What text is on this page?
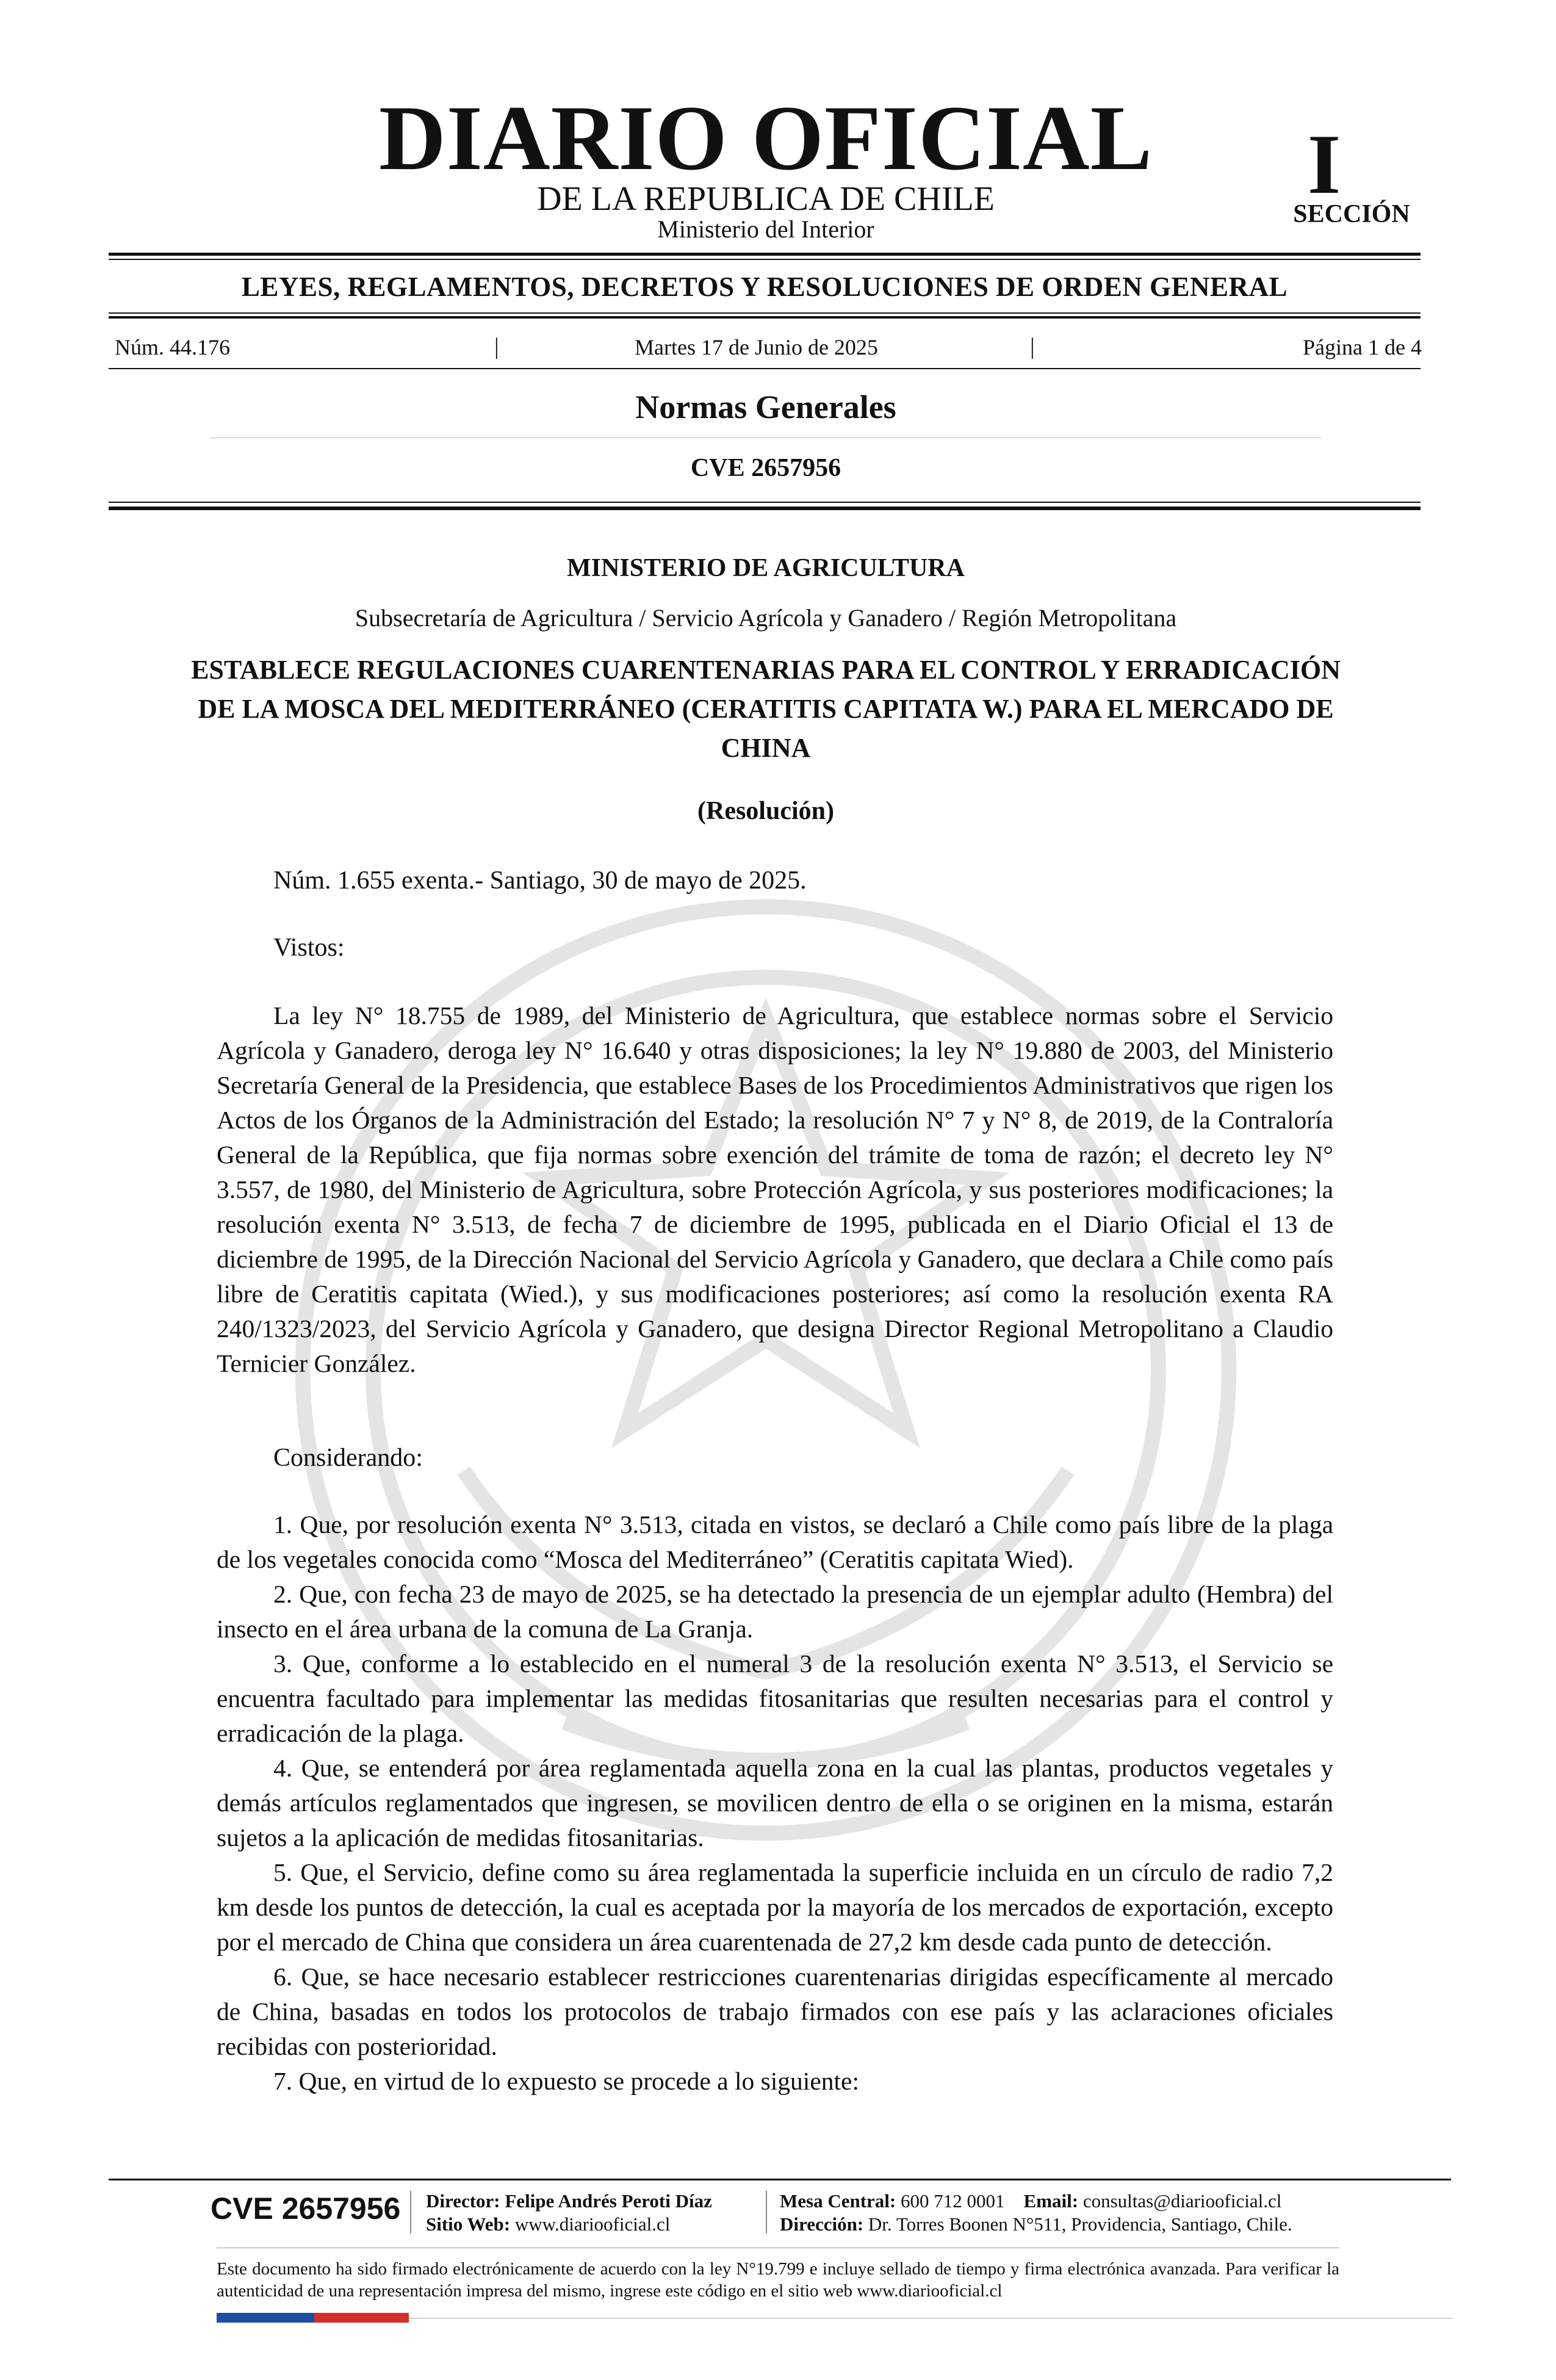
DIARIO OFICIAL
DE LA REPUBLICA DE CHILE
Ministerio del Interior
I
SECCIÓN
LEYES, REGLAMENTOS, DECRETOS Y RESOLUCIONES DE ORDEN GENERAL
Núm. 44.176	|	Martes 17 de Junio de 2025	|	Página 1 de 4
Normas Generales
CVE 2657956
MINISTERIO DE AGRICULTURA
Subsecretaría de Agricultura / Servicio Agrícola y Ganadero / Región Metropolitana
ESTABLECE REGULACIONES CUARENTENARIAS PARA EL CONTROL Y ERRADICACIÓN DE LA MOSCA DEL MEDITERRÁNEO (CERATITIS CAPITATA W.) PARA EL MERCADO DE CHINA
(Resolución)
Núm. 1.655 exenta.- Santiago, 30 de mayo de 2025.
Vistos:

La ley N° 18.755 de 1989, del Ministerio de Agricultura, que establece normas sobre el Servicio Agrícola y Ganadero, deroga ley N° 16.640 y otras disposiciones; la ley N° 19.880 de 2003, del Ministerio Secretaría General de la Presidencia, que establece Bases de los Procedimientos Administrativos que rigen los Actos de los Órganos de la Administración del Estado; la resolución N° 7 y N° 8, de 2019, de la Contraloría General de la República, que fija normas sobre exención del trámite de toma de razón; el decreto ley N° 3.557, de 1980, del Ministerio de Agricultura, sobre Protección Agrícola, y sus posteriores modificaciones; la resolución exenta N° 3.513, de fecha 7 de diciembre de 1995, publicada en el Diario Oficial el 13 de diciembre de 1995, de la Dirección Nacional del Servicio Agrícola y Ganadero, que declara a Chile como país libre de Ceratitis capitata (Wied.), y sus modificaciones posteriores; así como la resolución exenta RA 240/1323/2023, del Servicio Agrícola y Ganadero, que designa Director Regional Metropolitano a Claudio Ternicier González.

Considerando:

1. Que, por resolución exenta N° 3.513, citada en vistos, se declaró a Chile como país libre de la plaga de los vegetales conocida como “Mosca del Mediterráneo” (Ceratitis capitata Wied).

2. Que, con fecha 23 de mayo de 2025, se ha detectado la presencia de un ejemplar adulto (Hembra) del insecto en el área urbana de la comuna de La Granja.

3. Que, conforme a lo establecido en el numeral 3 de la resolución exenta N° 3.513, el Servicio se encuentra facultado para implementar las medidas fitosanitarias que resulten necesarias para el control y erradicación de la plaga.

4. Que, se entenderá por área reglamentada aquella zona en la cual las plantas, productos vegetales y demás artículos reglamentados que ingresen, se movilicen dentro de ella o se originen en la misma, estarán sujetos a la aplicación de medidas fitosanitarias.

5. Que, el Servicio, define como su área reglamentada la superficie incluida en un círculo de radio 7,2 km desde los puntos de detección, la cual es aceptada por la mayoría de los mercados de exportación, excepto por el mercado de China que considera un área cuarentenada de 27,2 km desde cada punto de detección.

6. Que, se hace necesario establecer restricciones cuarentenarias dirigidas específicamente al mercado de China, basadas en todos los protocolos de trabajo firmados con ese país y las aclaraciones oficiales recibidas con posterioridad.

7. Que, en virtud de lo expuesto se procede a lo siguiente:

CVE 2657956 Director: Felipe Andrés Peroti Díaz
Sitio Web: www.diariooficial.cl
Mesa Central: 600 712 0001 Email: consultas@diariooficial.cl
Dirección: Dr. Torres Boonen N°511, Providencia, Santiago, Chile.
Este documento ha sido firmado electrónicamente de acuerdo con la ley N°19.799 e incluye sellado de tiempo y firma electrónica avanzada. Para verificar la autenticidad de una representación impresa del mismo, ingrese este código en el sitio web www.diariooficial.cl
